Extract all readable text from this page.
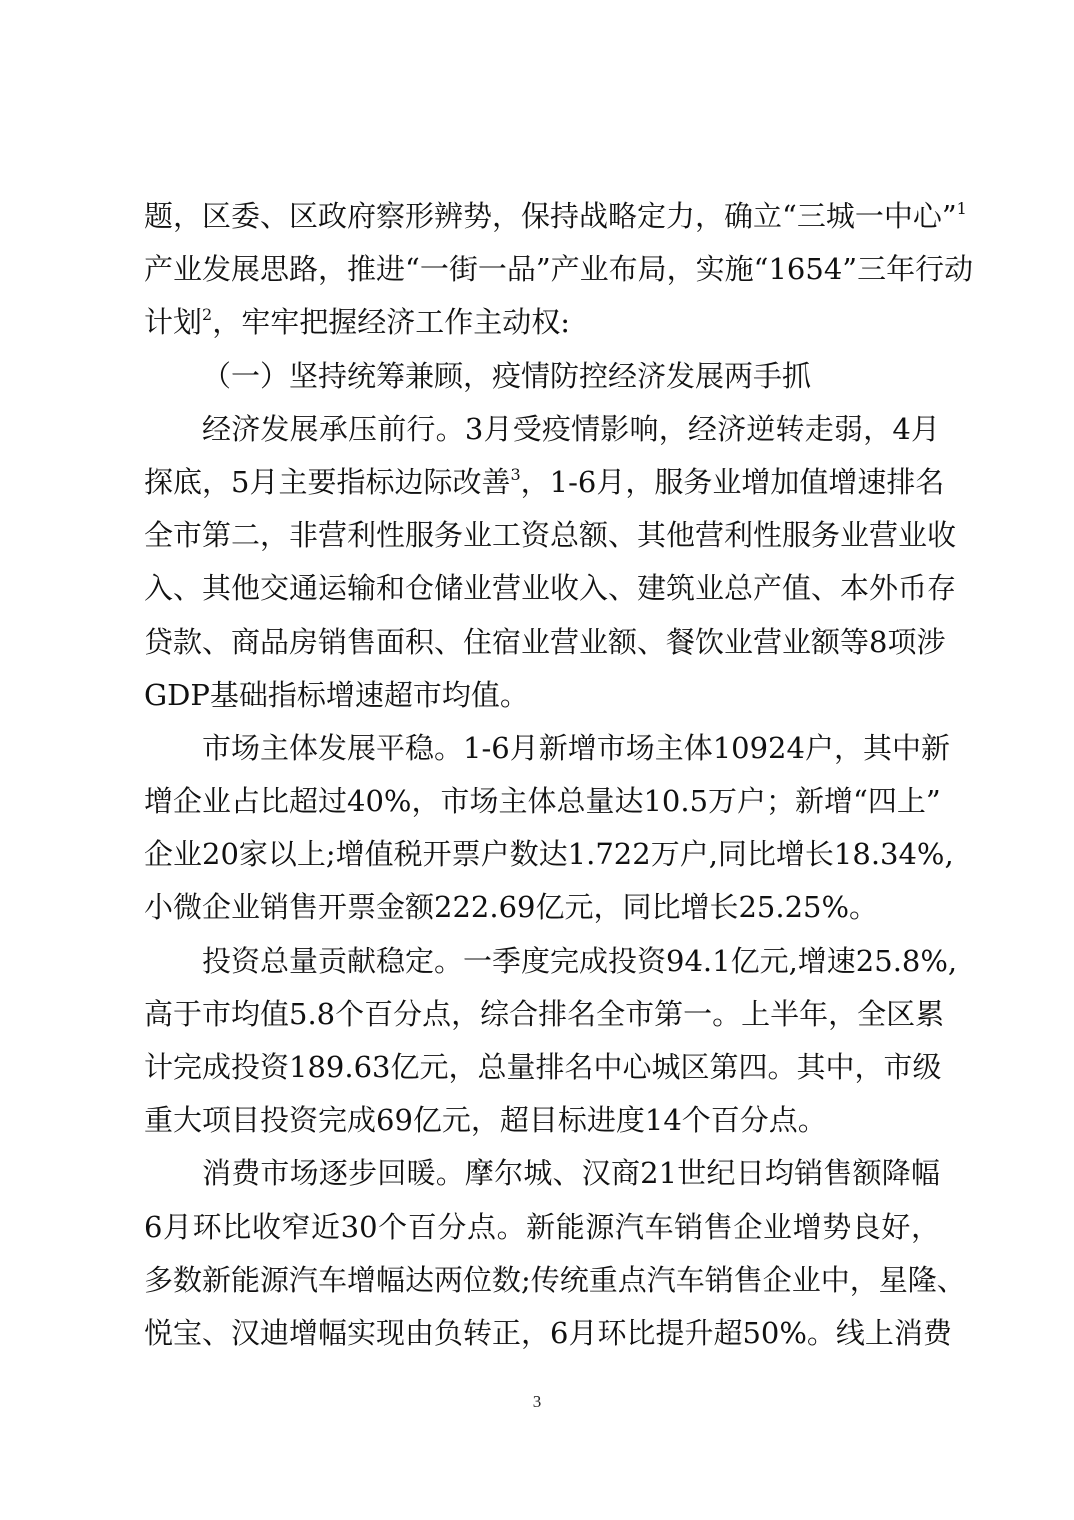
题，区委、区政府察形辨势，保持战略定力，确立“三城一中心”$^1$
产业发展思路，推进“一街一品”产业布局，实施“1654”三年行动
计划$^2$，牢牢把握经济工作主动权:
（一）坚持统筹兼顾，疫情防控经济发展两手抓
经济发展承压前行。3月受疫情影响，经济逆转走弱，4月
探底，5月主要指标边际改善$^3$，1-6月，服务业增加值增速排名
全市第二，非营利性服务业工资总额、其他营利性服务业营业收
入、其他交通运输和仓储业营业收入、建筑业总产值、本外币存
贷款、商品房销售面积、住宿业营业额、餐饮业营业额等8项涉
GDP基础指标增速超市均值。
市场主体发展平稳。1-6月新增市场主体10924户，其中新
增企业占比超过40%，市场主体总量达10.5万户；新增“四上”
企业20家以上;增值税开票户数达1.722万户,同比增长18.34%,
小微企业销售开票金额222.69亿元，同比增长25.25%。
投资总量贡献稳定。一季度完成投资94.1亿元,增速25.8%,
高于市均值5.8个百分点，综合排名全市第一。上半年，全区累
计完成投资189.63亿元，总量排名中心城区第四。其中，市级
重大项目投资完成69亿元，超目标进度14个百分点。
消费市场逐步回暖。摩尔城、汉商21世纪日均销售额降幅
6月环比收窄近30个百分点。新能源汽车销售企业增势良好，
多数新能源汽车增幅达两位数;传统重点汽车销售企业中，星隆、
悦宝、汉迪增幅实现由负转正，6月环比提升超50%。线上消费
3
